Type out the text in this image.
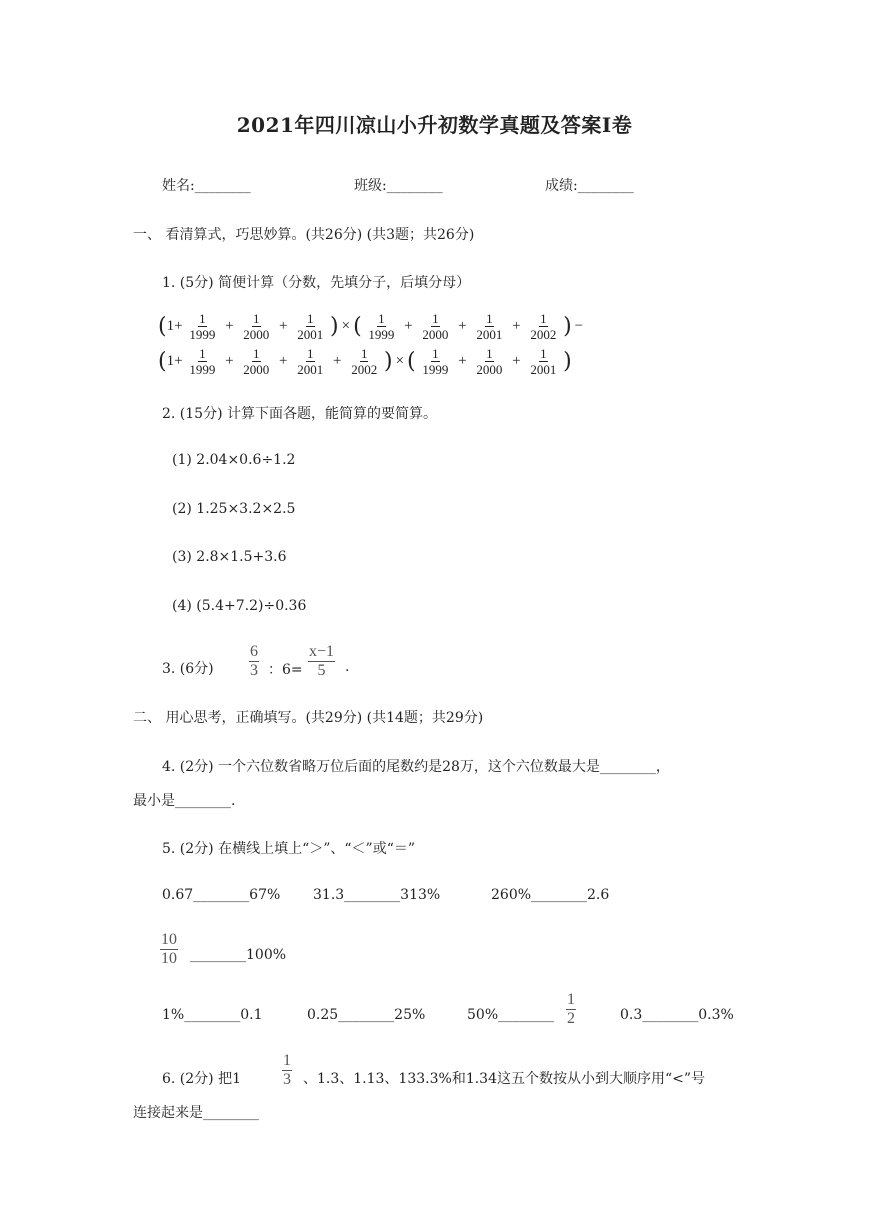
2021年四川凉山小升初数学真题及答案I卷
姓名:________	班级:________	成绩:________
一、 看清算式，巧思妙算。(共26分) (共3题；共26分)
1. (5分) 简便计算（分数，先填分子，后填分母）
($1+ \frac{1}{1999} + \frac{1}{2000} + \frac{1}{2001}$ ) × ( $\frac{1}{1999} + \frac{1}{2000} + \frac{1}{2001} + \frac{1}{2002}$ ) −
($1+ \frac{1}{1999} + \frac{1}{2000} + \frac{1}{2001} + \frac{1}{2002}$ ) × ( $\frac{1}{1999} + \frac{1}{2000} + \frac{1}{2001}$ )
2. (15分) 计算下面各题，能简算的要简算。
(1) 2.04×0.6÷1.2
(2) 1.25×3.2×2.5
(3) 2.8×1.5+3.6
(4) (5.4+7.2)÷0.36
3. (6分)
6
3 ：6=
x−1
5 .
二、 用心思考，正确填写。(共29分) (共14题；共29分)
4. (2分) 一个六位数省略万位后面的尾数约是28万，这个六位数最大是________，
最小是________.
5. (2分) 在横线上填上“＞”、“＜”或“＝”
0.67________67% 31.3________313%	260%________2.6
10
10 ________100%
1%________0.1	0.25________25%	50%________
1
2	0.3________0.3%
6. (2分) 把1
1
3 、1.3、1.13、133.3%和1.34这五个数按从小到大顺序用“<”号
连接起来是________
